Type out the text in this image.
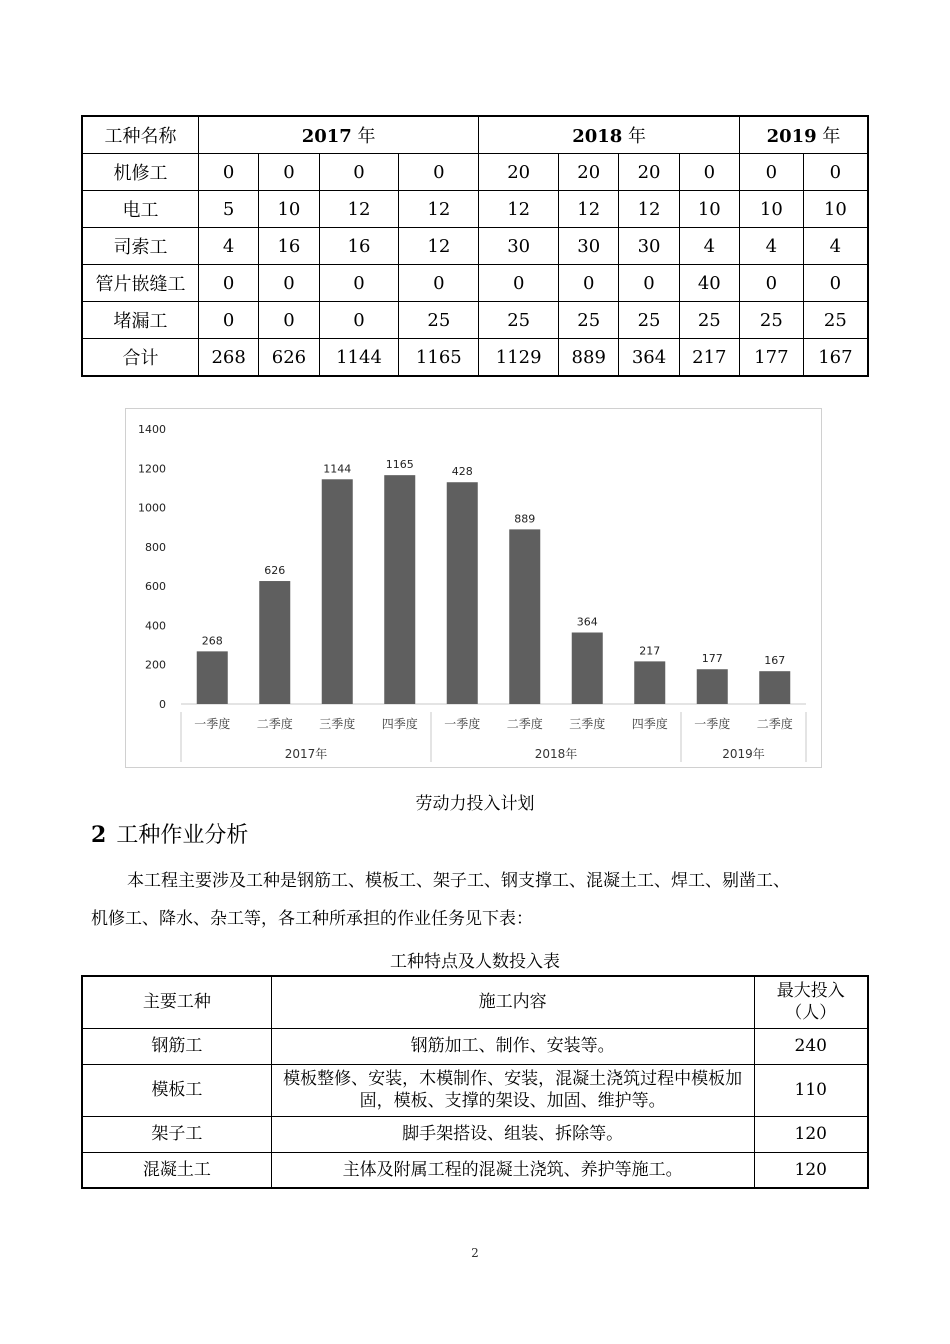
工种名称	2017 年				2018 年				2019 年	
机修工	0	0	0	0	20	20	20	0	0	0
电工	5	10	12	12	12	12	12	10	10	10
司索工	4	16	16	12	30	30	30	4	4	4
管片嵌缝工	0	0	0	0	0	0	0	40	0	0
堵漏工	0	0	0	25	25	25	25	25	25	25
合计	268	626	1144	1165	1129	889	364	217	177	167
0
200
400
600
800
1000
1200
1400
268
一季度
626
二季度
1144
三季度
1165
四季度
428
一季度
889
二季度
364
三季度
217
四季度
177
一季度
167
二季度
2017年	2018年	2019年
劳动力投入计划
2 工种作业分析
本工程主要涉及工种是钢筋工、模板工、架子工、钢支撑工、混凝土工、焊工、剔凿工、
机修工、降水、杂工等，各工种所承担的作业任务见下表：
工种特点及人数投入表
主要工种	施工内容	最大投入（人）
钢筋工	钢筋加工、制作、安装等。	240
模板工	模板整修、安装，木模制作、安装，混凝土浇筑过程中模板加固，模板、支撑的架设、加固、维护等。	110
架子工	脚手架搭设、组装、拆除等。	120
混凝土工	主体及附属工程的混凝土浇筑、养护等施工。	120
2
